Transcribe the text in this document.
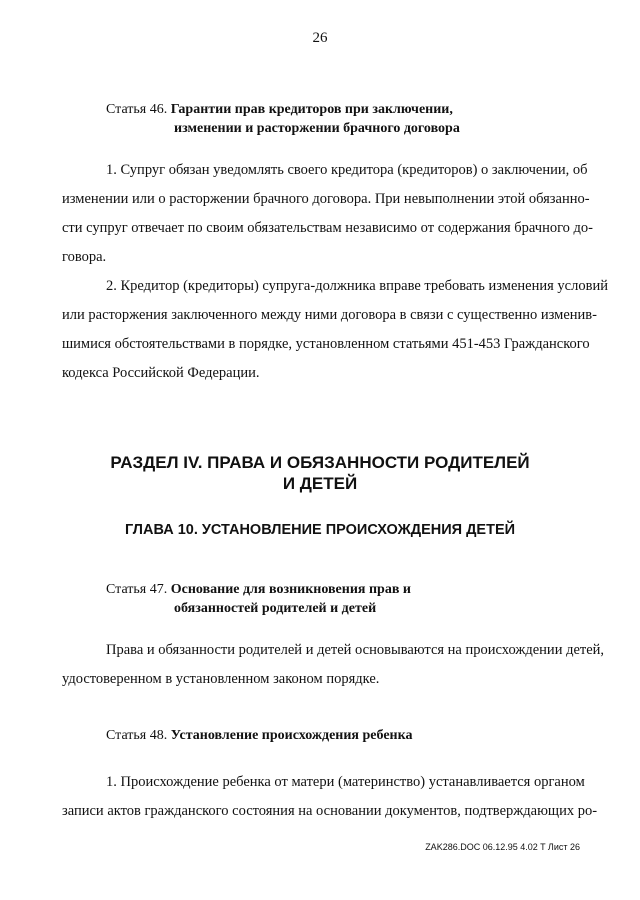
26
Статья 46. Гарантии прав кредиторов при заключении,
изменении и расторжении брачного договора
1. Супруг обязан уведомлять своего кредитора (кредиторов) о заключении, об
изменении или о расторжении брачного договора. При невыполнении этой обязанно-
сти супруг отвечает по своим обязательствам независимо от содержания брачного до-
говора.
2. Кредитор (кредиторы) супруга-должника вправе требовать изменения условий
или расторжения заключенного между ними договора в связи с существенно изменив-
шимися обстоятельствами в порядке, установленном статьями 451-453 Гражданского
кодекса Российской Федерации.
РАЗДЕЛ IV. ПРАВА И ОБЯЗАННОСТИ РОДИТЕЛЕЙ
И ДЕТЕЙ
ГЛАВА 10. УСТАНОВЛЕНИЕ ПРОИСХОЖДЕНИЯ ДЕТЕЙ
Статья 47. Основание для возникновения прав и
обязанностей родителей и детей
Права и обязанности родителей и детей основываются на происхождении детей,
удостоверенном в установленном законом порядке.
Статья 48. Установление происхождения ребенка
1. Происхождение ребенка от матери (материнство) устанавливается органом
записи актов гражданского состояния на основании документов, подтверждающих ро-
ZAK286.DOC 06.12.95 4.02 T Лист 26
